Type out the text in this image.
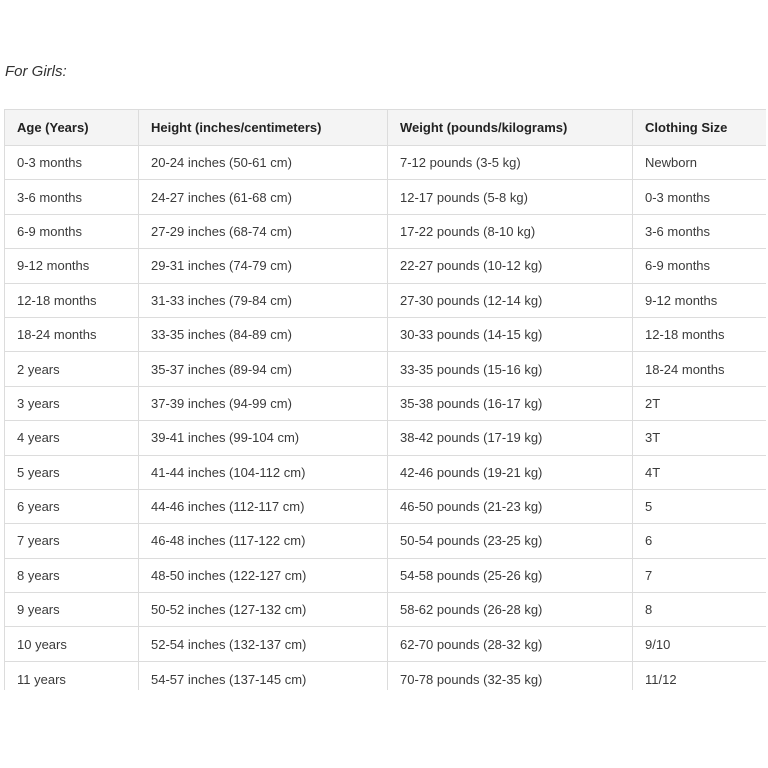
For Girls:
Age (Years)	Height (inches/centimeters)	Weight (pounds/kilograms)	Clothing Size
0-3 months	20-24 inches (50-61 cm)	7-12 pounds (3-5 kg)	Newborn
3-6 months	24-27 inches (61-68 cm)	12-17 pounds (5-8 kg)	0-3 months
6-9 months	27-29 inches (68-74 cm)	17-22 pounds (8-10 kg)	3-6 months
9-12 months	29-31 inches (74-79 cm)	22-27 pounds (10-12 kg)	6-9 months
12-18 months	31-33 inches (79-84 cm)	27-30 pounds (12-14 kg)	9-12 months
18-24 months	33-35 inches (84-89 cm)	30-33 pounds (14-15 kg)	12-18 months
2 years	35-37 inches (89-94 cm)	33-35 pounds (15-16 kg)	18-24 months
3 years	37-39 inches (94-99 cm)	35-38 pounds (16-17 kg)	2T
4 years	39-41 inches (99-104 cm)	38-42 pounds (17-19 kg)	3T
5 years	41-44 inches (104-112 cm)	42-46 pounds (19-21 kg)	4T
6 years	44-46 inches (112-117 cm)	46-50 pounds (21-23 kg)	5
7 years	46-48 inches (117-122 cm)	50-54 pounds (23-25 kg)	6
8 years	48-50 inches (122-127 cm)	54-58 pounds (25-26 kg)	7
9 years	50-52 inches (127-132 cm)	58-62 pounds (26-28 kg)	8
10 years	52-54 inches (132-137 cm)	62-70 pounds (28-32 kg)	9/10
11 years	54-57 inches (137-145 cm)	70-78 pounds (32-35 kg)	11/12
